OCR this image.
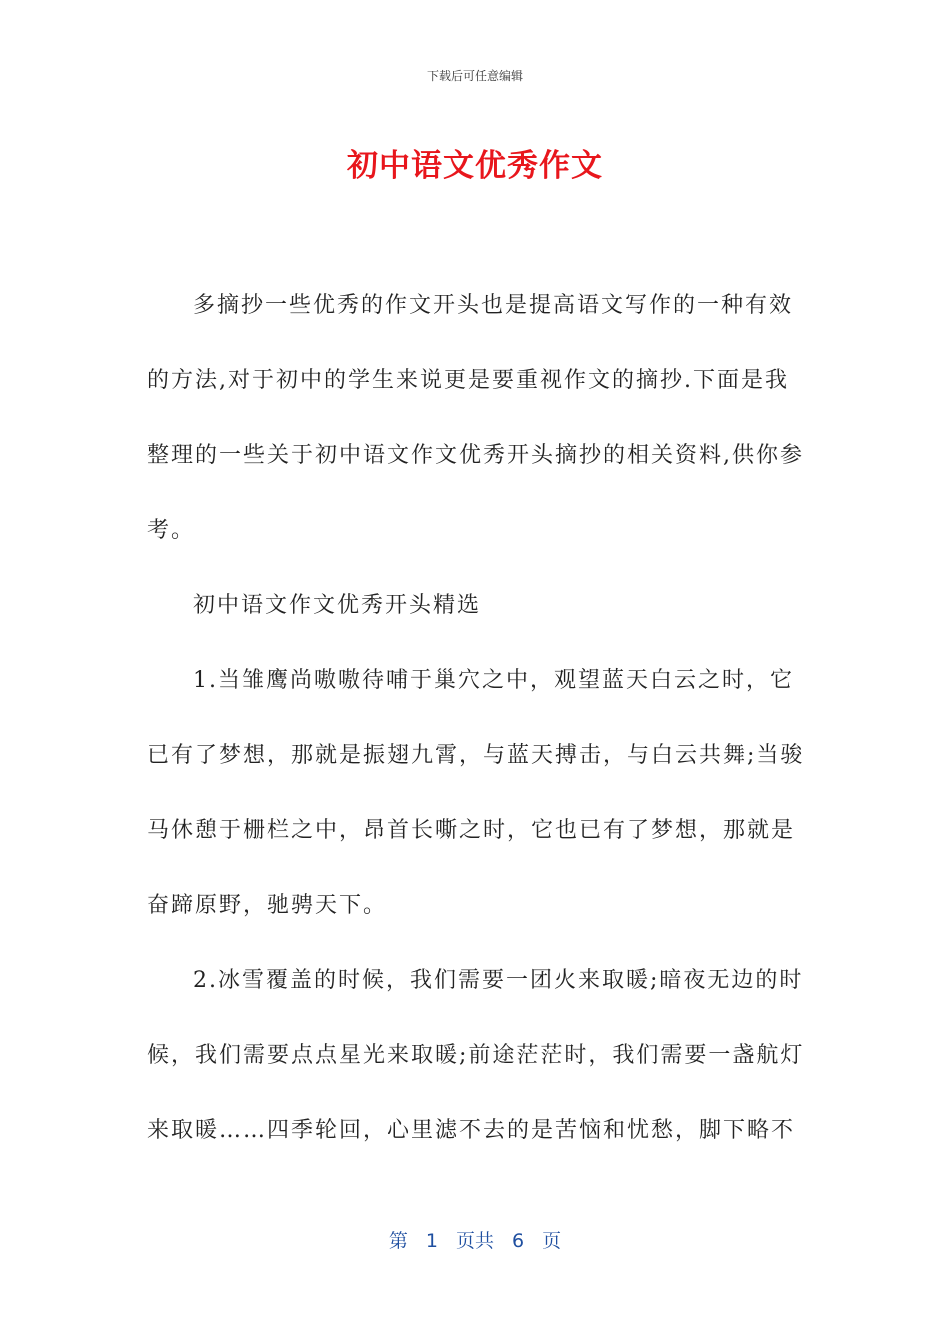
下载后可任意编辑
初中语文优秀作文

多摘抄一些优秀的作文开头也是提高语文写作的一种有效的方法,对于初中的学生来说更是要重视作文的摘抄.下面是我整理的一些关于初中语文作文优秀开头摘抄的相关资料,供你参考。

初中语文作文优秀开头精选

1.当雏鹰尚嗷嗷待哺于巢穴之中，观望蓝天白云之时，它已有了梦想，那就是振翅九霄，与蓝天搏击，与白云共舞;当骏马休憩于栅栏之中，昂首长嘶之时，它也已有了梦想，那就是奋蹄原野，驰骋天下。

2.冰雪覆盖的时候，我们需要一团火来取暖;暗夜无边的时候，我们需要点点星光来取暖;前途茫茫时，我们需要一盏航灯来取暖……四季轮回，心里滤不去的是苦恼和忧愁，脚下略不

第 1 页共 6 页
